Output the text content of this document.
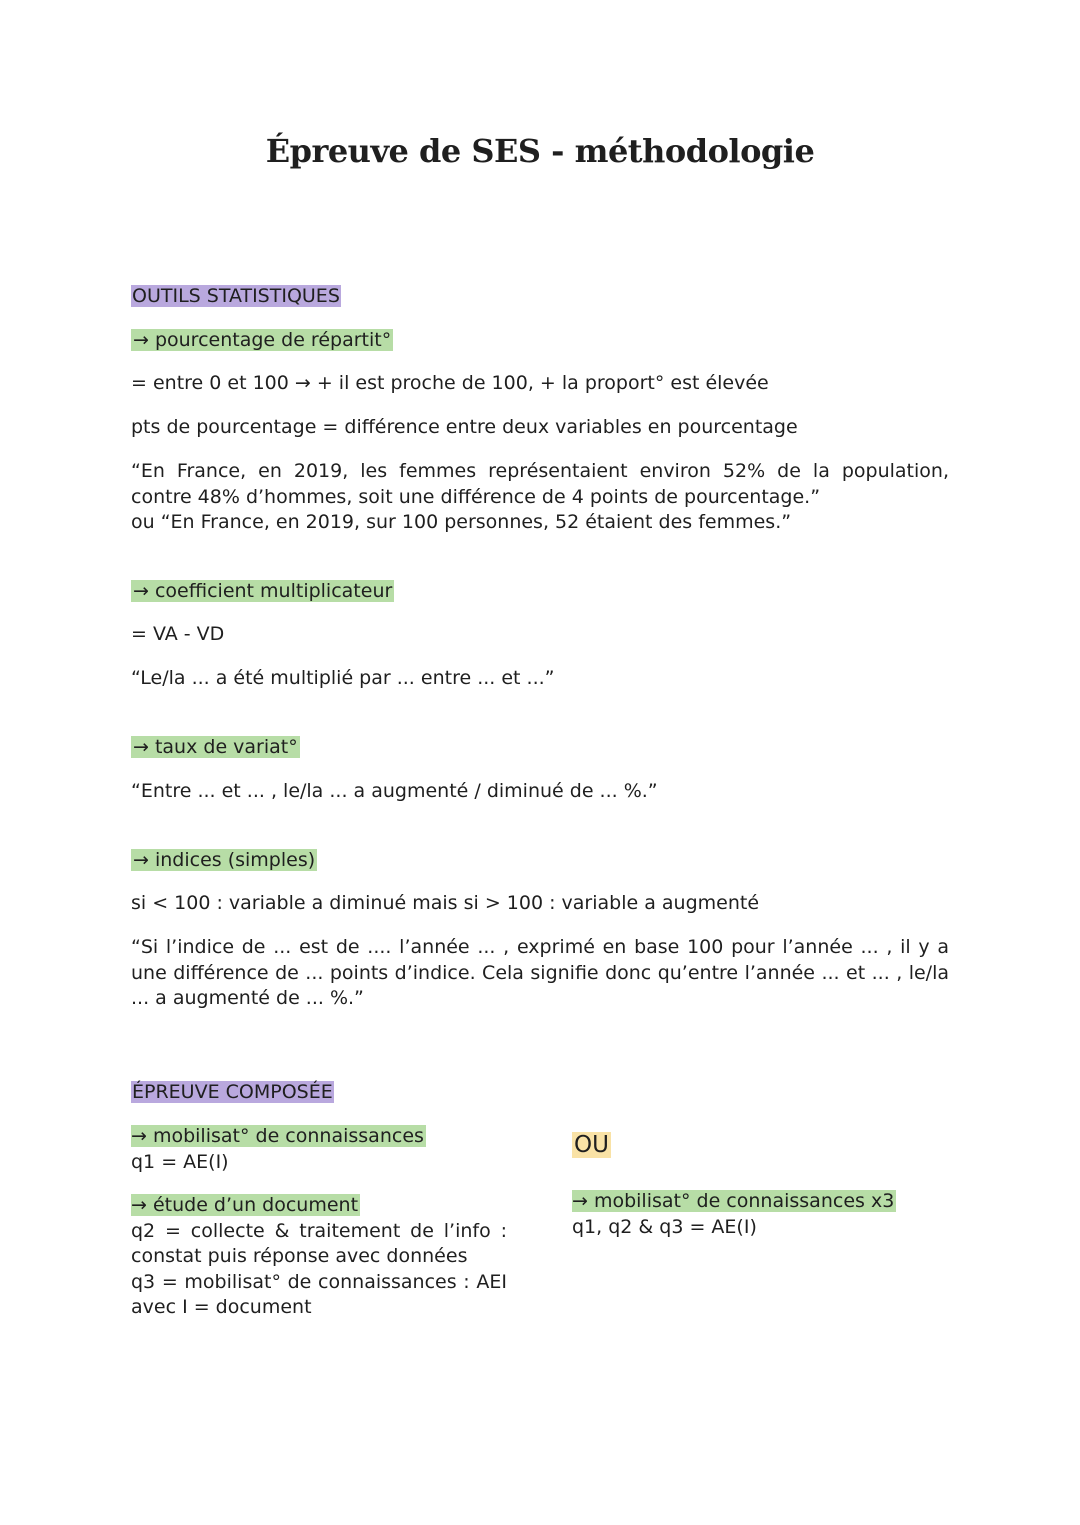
Épreuve de SES - méthodologie
OUTILS STATISTIQUES
→ pourcentage de répartit°
= entre 0 et 100 → + il est proche de 100, + la proport° est élevée
pts de pourcentage = différence entre deux variables en pourcentage
“En France, en 2019, les femmes représentaient environ 52% de la population, contre 48% d’hommes, soit une différence de 4 points de pourcentage.”
ou “En France, en 2019, sur 100 personnes, 52 étaient des femmes.”
→ coefficient multiplicateur
= VA - VD
“Le/la ... a été multiplié par ... entre ... et ...”
→ taux de variat°
“Entre ... et ... , le/la ... a augmenté / diminué de ... %.”
→ indices (simples)
si < 100 : variable a diminué mais si > 100 : variable a augmenté
“Si l’indice de ... est de .... l’année ... , exprimé en base 100 pour l’année ... , il y a une différence de ... points d’indice. Cela signifie donc qu’entre l’année ... et ... , le/la ... a augmenté de ... %.”
ÉPREUVE COMPOSÉE
→ mobilisat° de connaissances
q1 = AE(I)
→ étude d’un document
q2 = collecte & traitement de l’info : constat puis réponse avec données
q3 = mobilisat° de connaissances : AEI avec I = document
OU
→ mobilisat° de connaissances x3
q1, q2 & q3 = AE(I)
